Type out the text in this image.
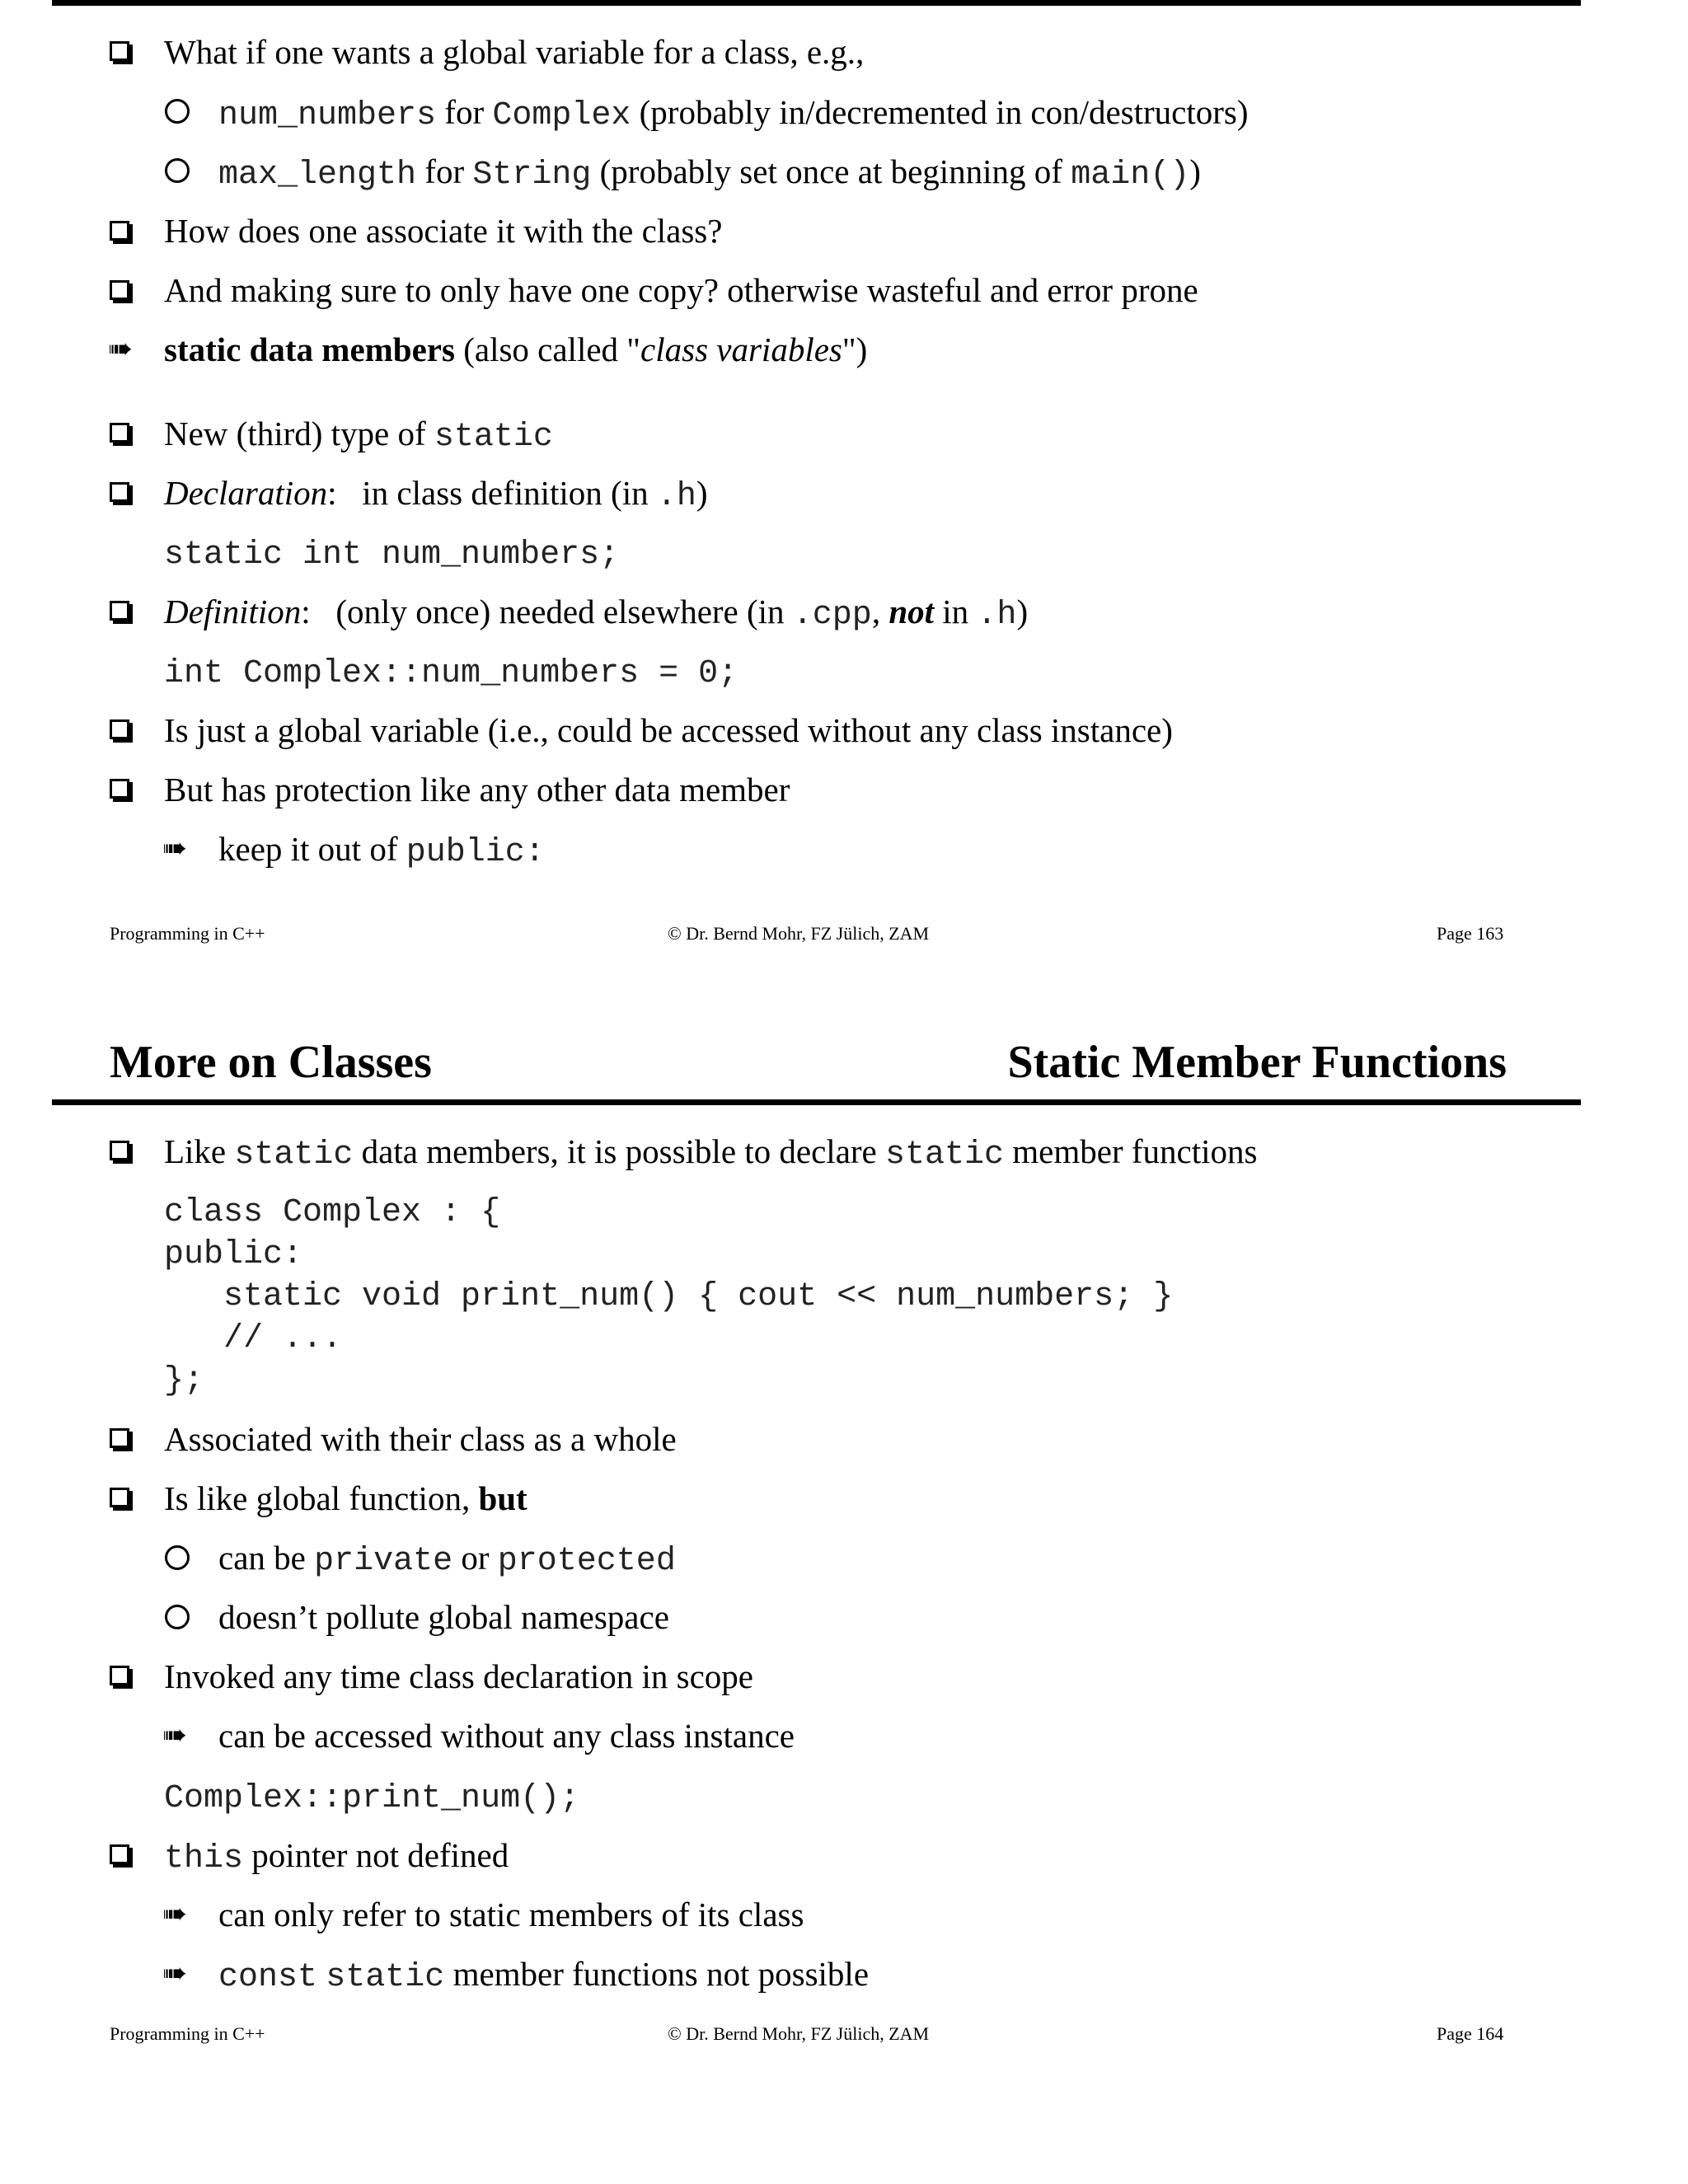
What if one wants a global variable for a class, e.g.,
num_numbers for Complex (probably in/decremented in con/destructors)
max_length for String (probably set once at beginning of main())
How does one associate it with the class?
And making sure to only have one copy? otherwise wasteful and error prone
➠ static data members (also called "class variables")
New (third) type of static
Declaration:   in class definition (in .h)
static int num_numbers;
Definition:   (only once) needed elsewhere (in .cpp, not in .h)
int Complex::num_numbers = 0;
Is just a global variable (i.e., could be accessed without any class instance)
But has protection like any other data member
➠ keep it out of public:
Programming in C++	© Dr. Bernd Mohr, FZ Jülich, ZAM	Page 163
More on Classes	Static Member Functions
Like static data members, it is possible to declare static member functions
class Complex : {
public:
static void print_num() { cout << num_numbers; }
// ...
};
Associated with their class as a whole
Is like global function, but
can be private or protected
doesn’t pollute global namespace
Invoked any time class declaration in scope
➠ can be accessed without any class instance
Complex::print_num();
this pointer not defined
➠ can only refer to static members of its class
➠ const static member functions not possible
Programming in C++	© Dr. Bernd Mohr, FZ Jülich, ZAM	Page 164
